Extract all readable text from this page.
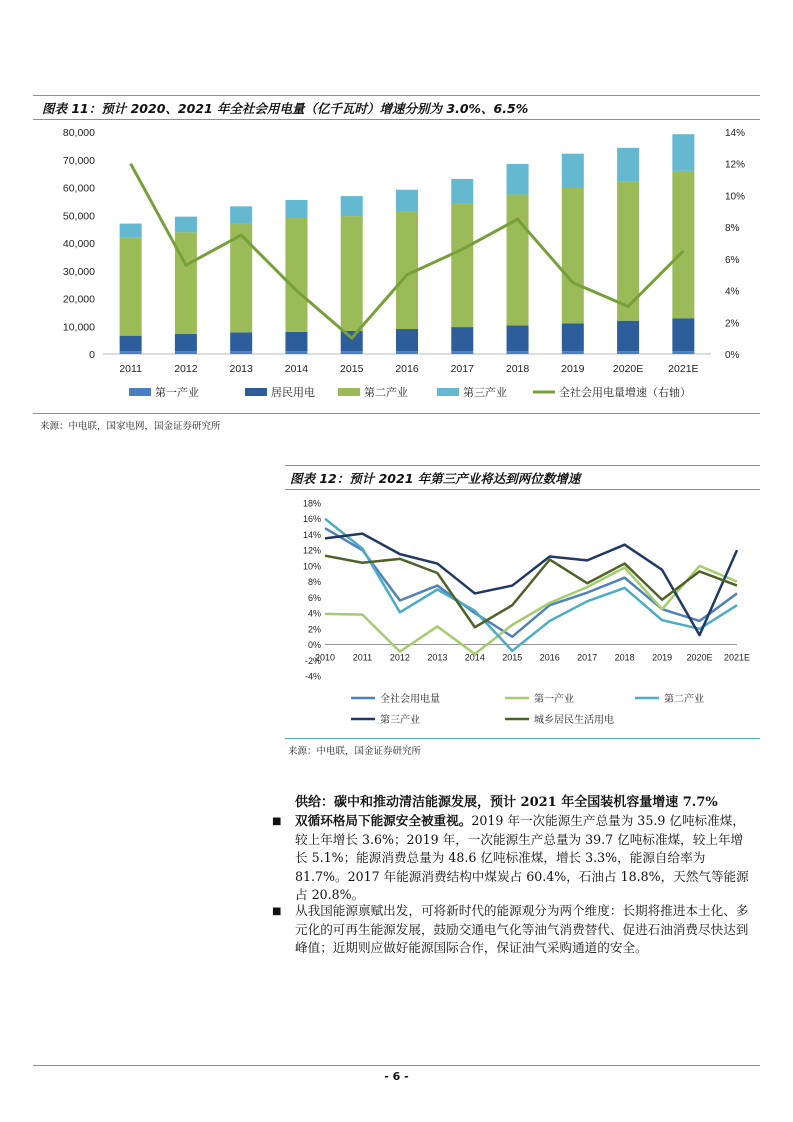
图表 11：预计 2020、2021 年全社会用电量（亿千瓦时）增速分别为 3.0%、6.5%
0
10,000
20,000
30,000
40,000
50,000
60,000
70,000
80,000
0%
2%
4%
6%
8%
10%
12%
14%
2011	2012	2013	2014	2015	2016	2017	2018	2019	2020E 2021E
第一产业	居民用电	第二产业	第三产业	全社会用电量增速（右轴）
来源：中电联，国家电网，国金证券研究所
图表 12：预计 2021 年第三产业将达到两位数增速
-4%
-2%
0%
2%
4%
6%
8%
10%
12%
14%
16%
18%
2010 2011 2012 2013 2014 2015 2016 2017 2018 2019 2020E 2021E
全社会用电量	第一产业	第二产业
第三产业	城乡居民生活用电
来源：中电联，国金证券研究所
供给：碳中和推动清洁能源发展，预计 2021 年全国装机容量增速 7.7%
■ 双循环格局下能源安全被重视。2019 年一次能源生产总量为 35.9 亿吨标准煤，较上年增长 3.6%；2019 年，一次能源生产总量为 39.7 亿吨标准煤，较上年增长 5.1%；能源消费总量为 48.6 亿吨标准煤，增长 3.3%，能源自给率为 81.7%。2017 年能源消费结构中煤炭占 60.4%，石油占 18.8%，天然气等能源占 20.8%。

■ 从我国能源禀赋出发，可将新时代的能源观分为两个维度：长期将推进本土化、多元化的可再生能源发展，鼓励交通电气化等油气消费替代、促进石油消费尽快达到峰值；近期则应做好能源国际合作，保证油气采购通道的安全。

- 6 -
